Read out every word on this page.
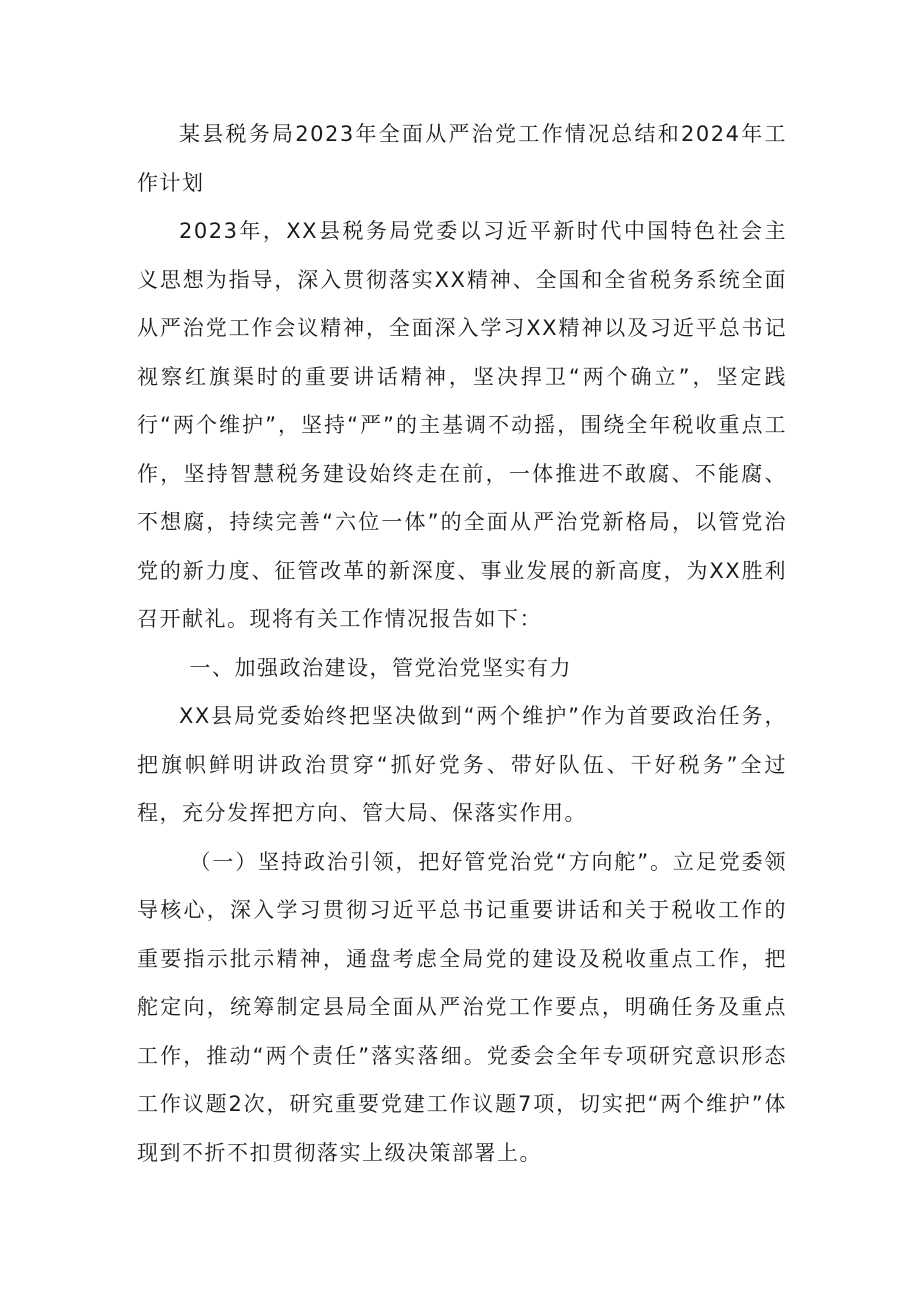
某县税务局2023年全面从严治党工作情况总结和2024年工作计划

2023年，XX县税务局党委以习近平新时代中国特色社会主义思想为指导，深入贯彻落实XX精神、全国和全省税务系统全面从严治党工作会议精神，全面深入学习XX精神以及习近平总书记视察红旗渠时的重要讲话精神，坚决捍卫“两个确立”，坚定践行“两个维护”，坚持“严”的主基调不动摇，围绕全年税收重点工作，坚持智慧税务建设始终走在前，一体推进不敢腐、不能腐、不想腐，持续完善“六位一体”的全面从严治党新格局，以管党治党的新力度、征管改革的新深度、事业发展的新高度，为XX胜利召开献礼。现将有关工作情况报告如下：

一、加强政治建设，管党治党坚实有力

XX县局党委始终把坚决做到“两个维护”作为首要政治任务，把旗帜鲜明讲政治贯穿“抓好党务、带好队伍、干好税务”全过程，充分发挥把方向、管大局、保落实作用。

（一）坚持政治引领，把好管党治党“方向舵”。立足党委领导核心，深入学习贯彻习近平总书记重要讲话和关于税收工作的重要指示批示精神，通盘考虑全局党的建设及税收重点工作，把舵定向，统筹制定县局全面从严治党工作要点，明确任务及重点工作，推动“两个责任”落实落细。党委会全年专项研究意识形态工作议题2次，研究重要党建工作议题7项，切实把“两个维护”体现到不折不扣贯彻落实上级决策部署上。
